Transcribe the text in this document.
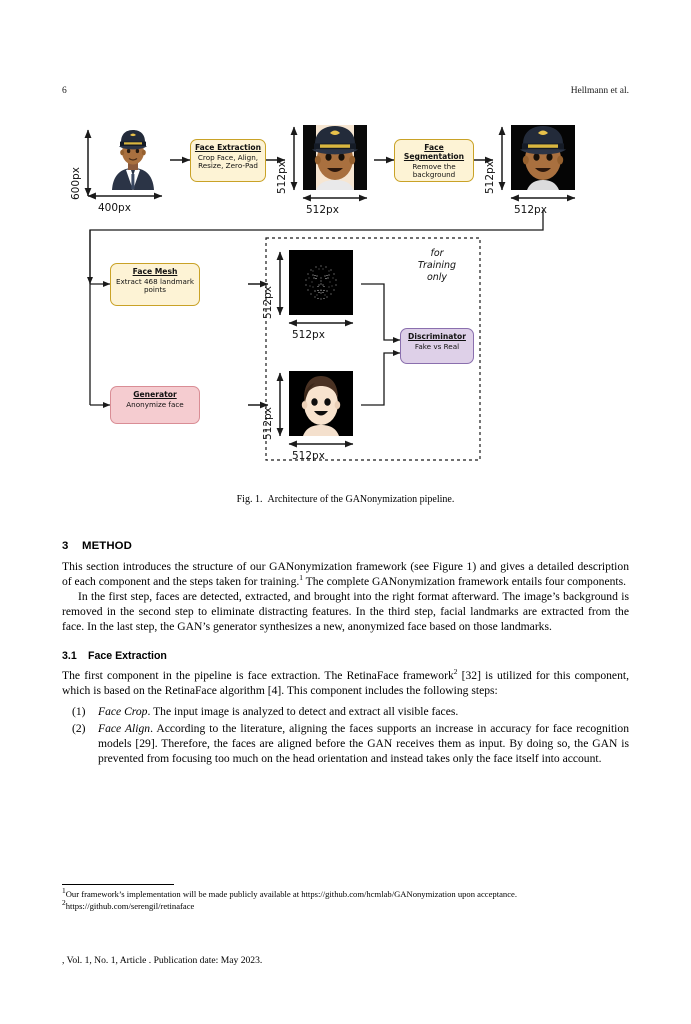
6	Hellmann et al.
Face Extraction
Crop Face, Align,
Resize, Zero-Pad
Face Segmentation
Remove the
background
Face Mesh
Extract 468 landmark
points
Generator
Anonymize face
Discriminator
Fake vs Real
for
Training
only
600px
400px
512px
512px
512px
512px
512px
512px
512px
512px
Fig. 1. Architecture of the GANonymization pipeline.
3 METHOD

This section introduces the structure of our GANonymization framework (see Figure 1) and gives a detailed description of each component and the steps taken for training.$^1$ The complete GANonymization framework entails four components.

In the first step, faces are detected, extracted, and brought into the right format afterward. The image’s background is removed in the second step to eliminate distracting features. In the third step, facial landmarks are extracted from the face. In the last step, the GAN’s generator synthesizes a new, anonymized face based on those landmarks.

3.1 Face Extraction

The first component in the pipeline is face extraction. The RetinaFace framework$^2$ [32] is utilized for this component, which is based on the RetinaFace algorithm [4]. This component includes the following steps:

(1)	Face Crop. The input image is analyzed to detect and extract all visible faces.
(2)	Face Align. According to the literature, aligning the faces supports an increase in accuracy for face recognition models [29]. Therefore, the faces are aligned before the GAN receives them as input. By doing so, the GAN is prevented from focusing too much on the head orientation and instead takes only the face itself into account.

$^1$Our framework’s implementation will be made publicly available at https://github.com/hcmlab/GANonymization upon acceptance.

$^2$https://github.com/serengil/retinaface

, Vol. 1, No. 1, Article . Publication date: May 2023.
